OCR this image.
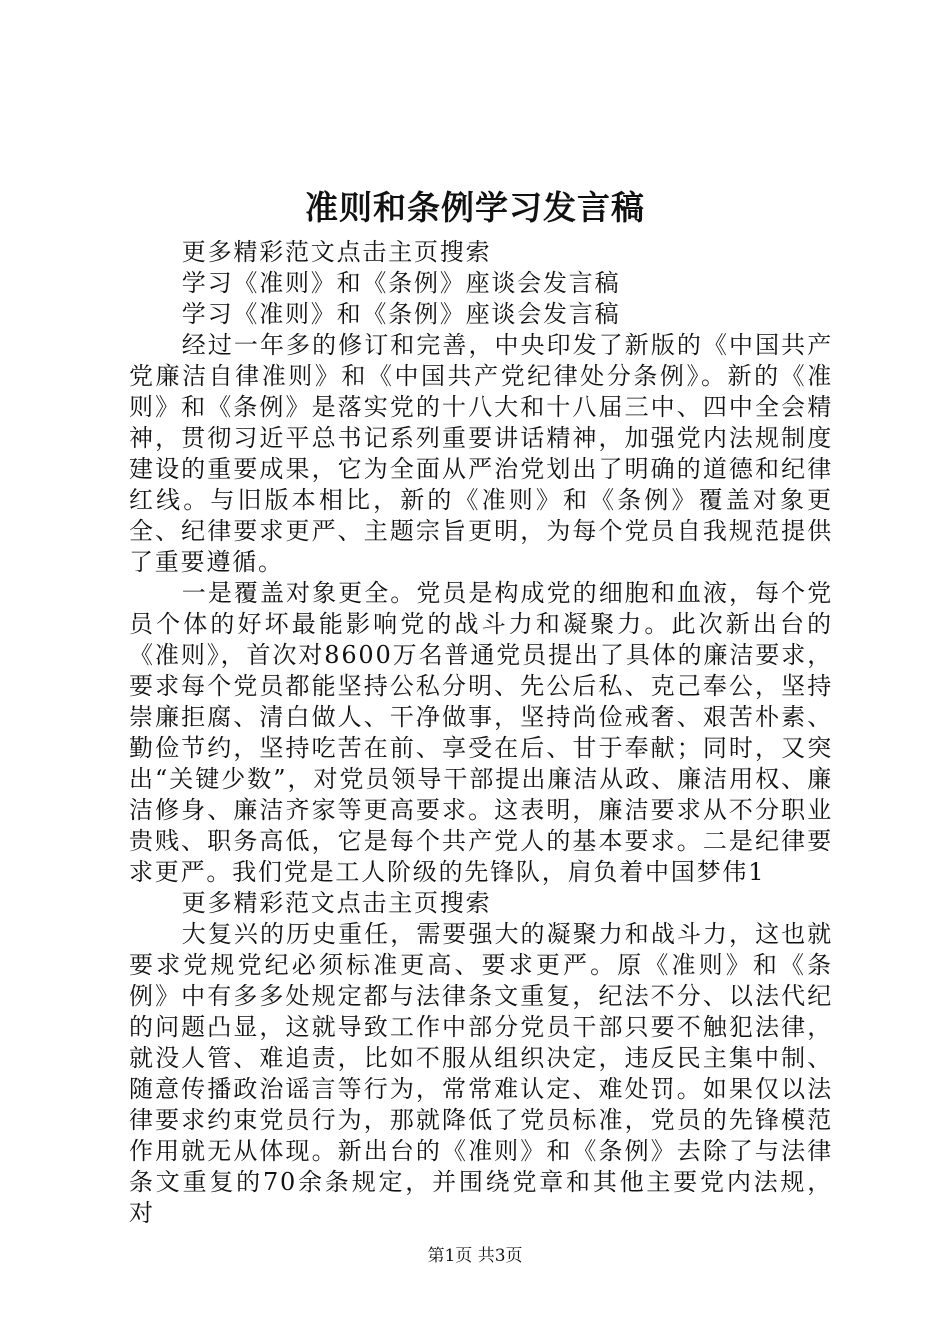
准则和条例学习发言稿

更多精彩范文点击主页搜索

学习《准则》和《条例》座谈会发言稿

学习《准则》和《条例》座谈会发言稿

经过一年多的修订和完善，中央印发了新版的《中国共产党廉洁自律准则》和《中国共产党纪律处分条例》。新的《准则》和《条例》是落实党的十八大和十八届三中、四中全会精神，贯彻习近平总书记系列重要讲话精神，加强党内法规制度建设的重要成果，它为全面从严治党划出了明确的道德和纪律红线。与旧版本相比，新的《准则》和《条例》覆盖对象更全、纪律要求更严、主题宗旨更明，为每个党员自我规范提供了重要遵循。

一是覆盖对象更全。党员是构成党的细胞和血液，每个党员个体的好坏最能影响党的战斗力和凝聚力。此次新出台的《准则》，首次对8600万名普通党员提出了具体的廉洁要求，要求每个党员都能坚持公私分明、先公后私、克己奉公，坚持崇廉拒腐、清白做人、干净做事，坚持尚俭戒奢、艰苦朴素、勤俭节约，坚持吃苦在前、享受在后、甘于奉献；同时，又突出“关键少数”，对党员领导干部提出廉洁从政、廉洁用权、廉洁修身、廉洁齐家等更高要求。这表明，廉洁要求从不分职业贵贱、职务高低，它是每个共产党人的基本要求。二是纪律要求更严。我们党是工人阶级的先锋队，肩负着中国梦伟1

更多精彩范文点击主页搜索

大复兴的历史重任，需要强大的凝聚力和战斗力，这也就要求党规党纪必须标准更高、要求更严。原《准则》和《条例》中有多多处规定都与法律条文重复，纪法不分、以法代纪的问题凸显，这就导致工作中部分党员干部只要不触犯法律，就没人管、难追责，比如不服从组织决定，违反民主集中制、随意传播政治谣言等行为，常常难认定、难处罚。如果仅以法律要求约束党员行为，那就降低了党员标准，党员的先锋模范作用就无从体现。新出台的《准则》和《条例》去除了与法律条文重复的70余条规定，并围绕党章和其他主要党内法规，对

第1页 共3页
